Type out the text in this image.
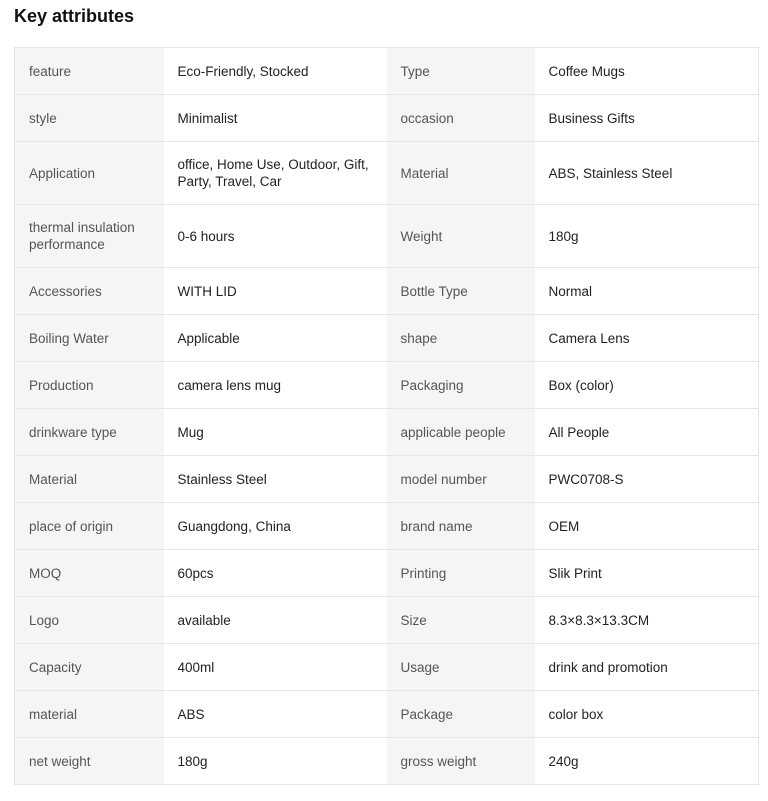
Key attributes
feature	Eco-Friendly, Stocked	Type	Coffee Mugs
style	Minimalist	occasion	Business Gifts
Application	office, Home Use, Outdoor, Gift, Party, Travel, Car	Material	ABS, Stainless Steel
thermal insulation performance	0-6 hours	Weight	180g
Accessories	WITH LID	Bottle Type	Normal
Boiling Water	Applicable	shape	Camera Lens
Production	camera lens mug	Packaging	Box (color)
drinkware type	Mug	applicable people	All People
Material	Stainless Steel	model number	PWC0708-S
place of origin	Guangdong, China	brand name	OEM
MOQ	60pcs	Printing	Slik Print
Logo	available	Size	8.3×8.3×13.3CM
Capacity	400ml	Usage	drink and promotion
material	ABS	Package	color box
net weight	180g	gross weight	240g
